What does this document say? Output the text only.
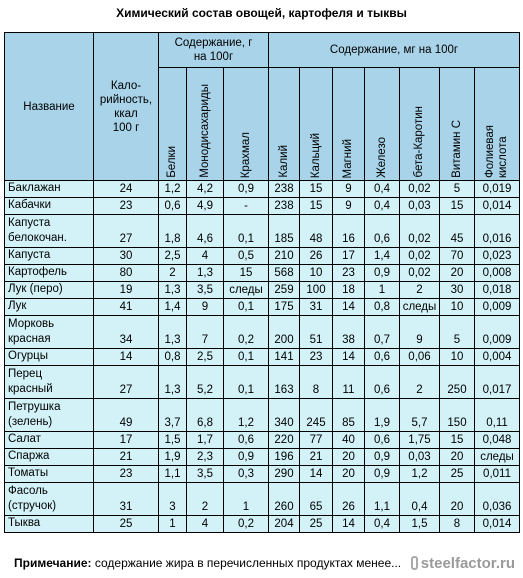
Химический состав овощей, картофеля и тыквы
Название	Кало-
рийность,
ккал
100 г	Содержание, г
на 100г			Содержание, мг на 100г						

		Белки	Монодисахариды	Крахмал	Калий	Кальций	Магний	Железо	бета-Каротин	Витамин С	Фолиевая
кислота

Баклажан	24	1,2	4,2	0,9	238	15	9	0,4	0,02	5	0,019
Кабачки	23	0,6	4,9	-	238	15	9	0,4	0,03	15	0,014
Капуста
белокочан.	27	1,8	4,6	0,1	185	48	16	0,6	0,02	45	0,016
Капуста	30	2,5	4	0,5	210	26	17	1,4	0,02	70	0,023
Картофель	80	2	1,3	15	568	10	23	0,9	0,02	20	0,008
Лук (перо)	19	1,3	3,5	следы	259	100	18	1	2	30	0,018
Лук	41	1,4	9	0,1	175	31	14	0,8	следы	10	0,009
Морковь
красная	34	1,3	7	0,2	200	51	38	0,7	9	5	0,009
Огурцы	14	0,8	2,5	0,1	141	23	14	0,6	0,06	10	0,004
Перец
красный	27	1,3	5,2	0,1	163	8	11	0,6	2	250	0,017
Петрушка
(зелень)	49	3,7	6,8	1,2	340	245	85	1,9	5,7	150	0,11
Салат	17	1,5	1,7	0,6	220	77	40	0,6	1,75	15	0,048
Спаржа	21	1,9	2,3	0,9	196	21	20	0,9	0,03	20	следы
Томаты	23	1,1	3,5	0,3	290	14	20	0,9	1,2	25	0,011
Фасоль
(стручок)	31	3	2	1	260	65	26	1,1	0,4	20	0,036
Тыква	25	1	4	0,2	204	25	14	0,4	1,5	8	0,014
Примечание: содержание жира в перечисленных продуктах менее... steelfactor.ru
